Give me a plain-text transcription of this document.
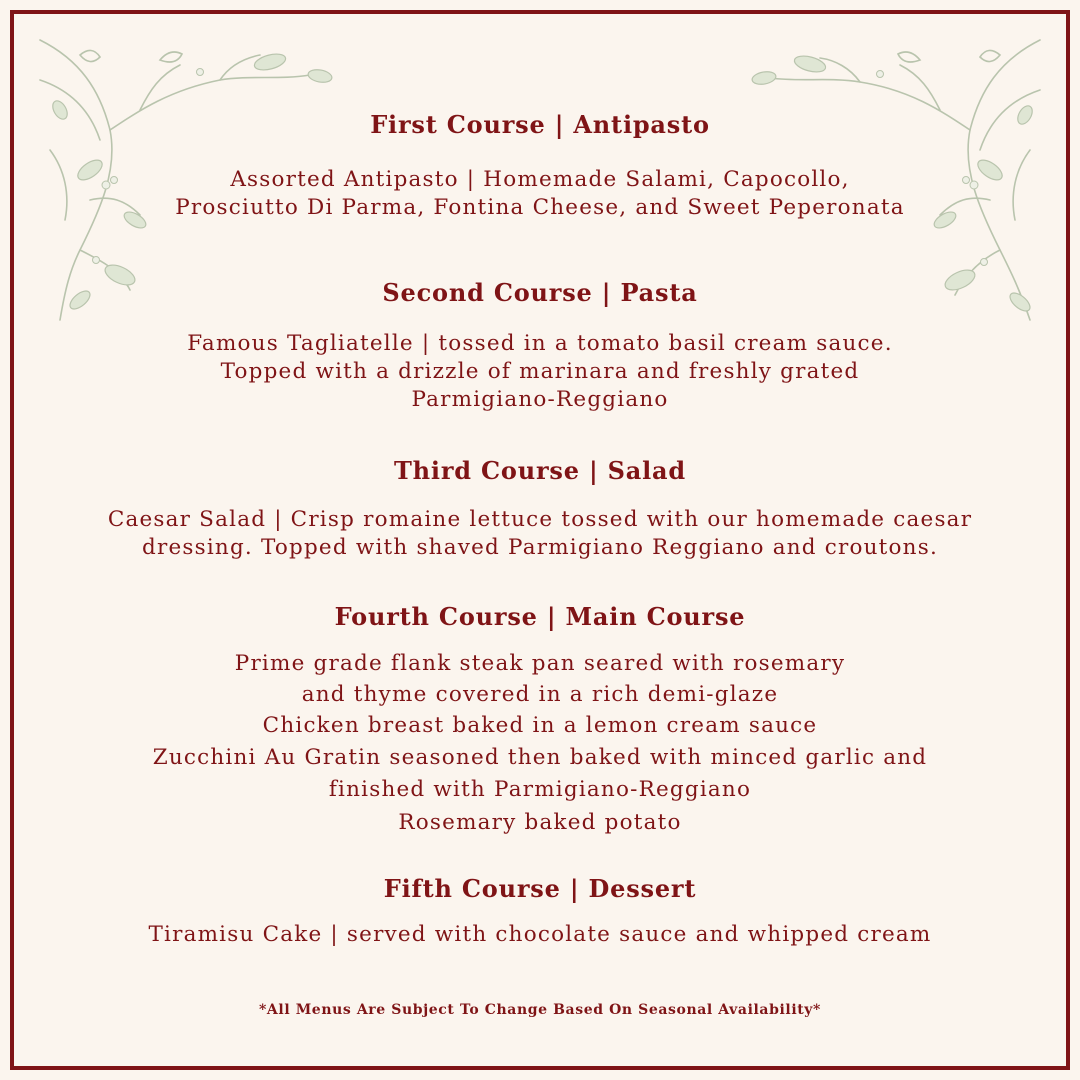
First Course | Antipasto
Assorted Antipasto | Homemade Salami, Capocollo,
Prosciutto Di Parma, Fontina Cheese, and Sweet Peperonata
Second Course | Pasta
Famous Tagliatelle | tossed in a tomato basil cream sauce.
Topped with a drizzle of marinara and freshly grated
Parmigiano-Reggiano
Third Course | Salad
Caesar Salad | Crisp romaine lettuce tossed with our homemade caesar
dressing. Topped with shaved Parmigiano Reggiano and croutons.
Fourth Course | Main Course
Prime grade flank steak pan seared with rosemary
and thyme covered in a rich demi-glaze
Chicken breast baked in a lemon cream sauce
Zucchini Au Gratin seasoned then baked with minced garlic and
finished with Parmigiano-Reggiano
Rosemary baked potato
Fifth Course | Dessert
Tiramisu Cake | served with chocolate sauce and whipped cream
*All Menus Are Subject To Change Based On Seasonal Availability*
